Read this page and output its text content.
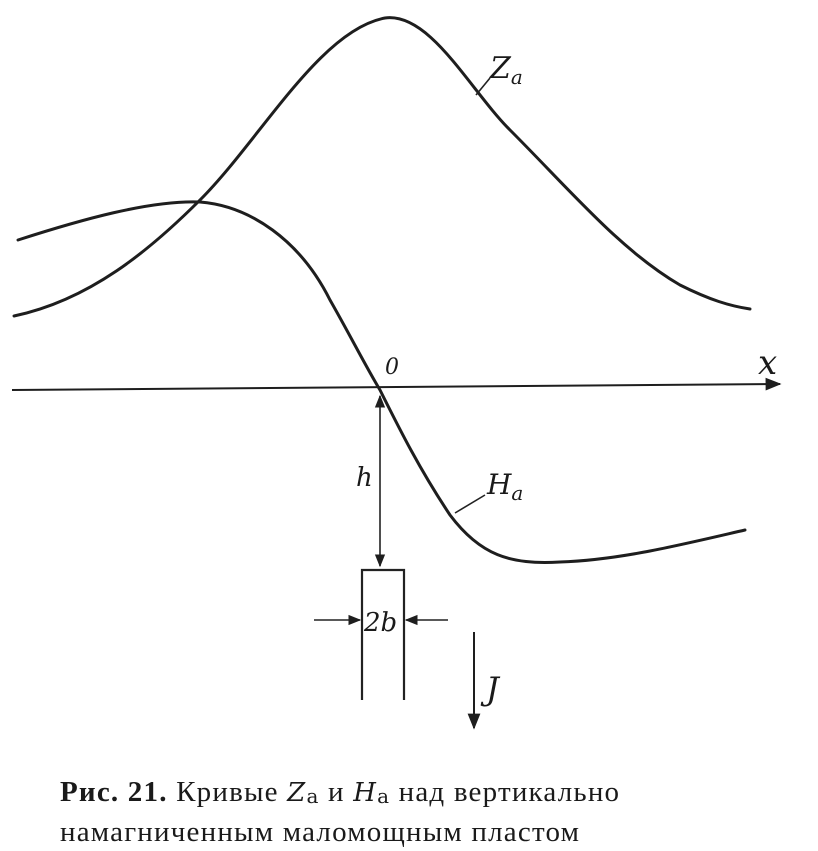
$Z_a$
$H_a$
0	x
h
2b
J
Рис. 21. Кривые $Z_а$ и $H_а$ над вертикально
намагниченным маломощным пластом
